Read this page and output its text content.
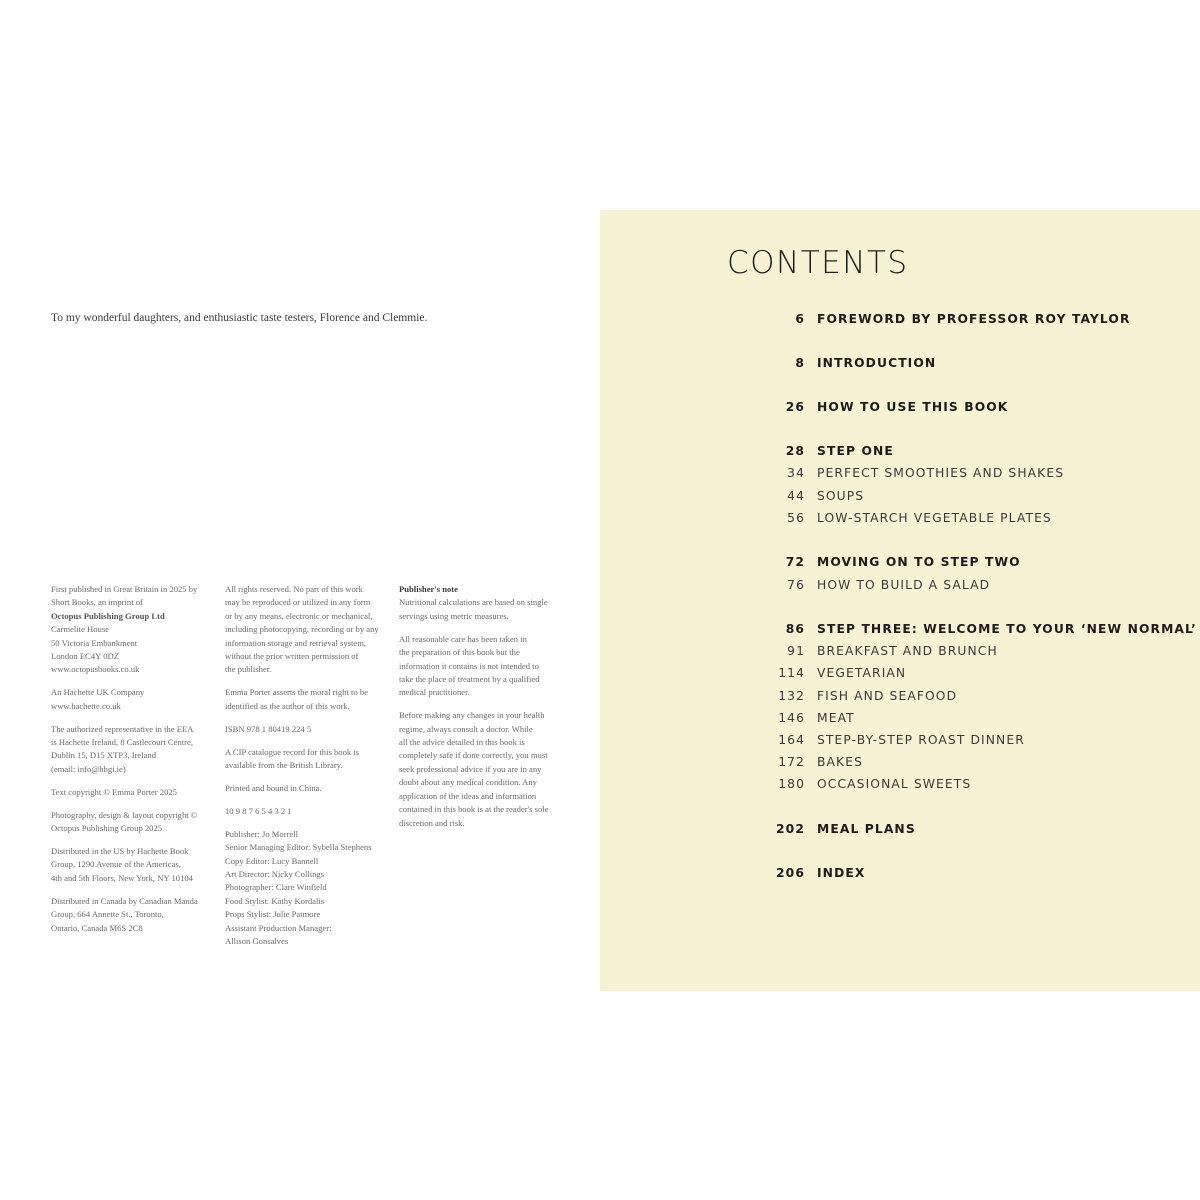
To my wonderful daughters, and enthusiastic taste testers, Florence and Clemmie.

First published in Great Britain in 2025 by
Short Books, an imprint of
Octopus Publishing Group Ltd
Carmelite House
50 Victoria Embankment
London EC4Y 0DZ
www.octopusbooks.co.uk

An Hachette UK Company
www.hachette.co.uk

The authorized representative in the EEA
is Hachette Ireland, 8 Castlecourt Centre,
Dublin 15, D15 XTP3, Ireland
(email: info@hbgi.ie)

Text copyright © Emma Porter 2025

Photography, design & layout copyright ©
Octopus Publishing Group 2025

Distributed in the US by Hachette Book
Group, 1290 Avenue of the Americas,
4th and 5th Floors, New York, NY 10104

Distributed in Canada by Canadian Manda
Group, 664 Annette St., Toronto,
Ontario, Canada M6S 2C8

All rights reserved. No part of this work
may be reproduced or utilized in any form
or by any means, electronic or mechanical,
including photocopying, recording or by any
information storage and retrieval system,
without the prior written permission of
the publisher.

Emma Porter asserts the moral right to be
identified as the author of this work.

ISBN 978 1 80419 224 5

A CIP catalogue record for this book is
available from the British Library.

Printed and bound in China.

10 9 8 7 6 5 4 3 2 1

Publisher: Jo Morrell
Senior Managing Editor: Sybella Stephens
Copy Editor: Lucy Bannell
Art Director: Nicky Collings
Photographer: Clare Winfield
Food Stylist: Kathy Kordalis
Props Stylist: Julie Patmore
Assistant Production Manager:
Allison Gonsalves

Publisher's note

Nutritional calculations are based on single
servings using metric measures.

All reasonable care has been taken in
the preparation of this book but the
information it contains is not intended to
take the place of treatment by a qualified
medical practitioner.

Before making any changes in your health
regime, always consult a doctor. While
all the advice detailed in this book is
completely safe if done correctly, you must
seek professional advice if you are in any
doubt about any medical condition. Any
application of the ideas and information
contained in this book is at the reader's sole
discretion and risk.

CONTENTS
6 FOREWORD BY PROFESSOR ROY TAYLOR
8 INTRODUCTION
26 HOW TO USE THIS BOOK
28 STEP ONE
34 PERFECT SMOOTHIES AND SHAKES
44 SOUPS
56 LOW-STARCH VEGETABLE PLATES
72 MOVING ON TO STEP TWO
76 HOW TO BUILD A SALAD
86 STEP THREE: WELCOME TO YOUR ‘NEW NORMAL’
91 BREAKFAST AND BRUNCH
114 VEGETARIAN
132 FISH AND SEAFOOD
146 MEAT
164 STEP-BY-STEP ROAST DINNER
172 BAKES
180 OCCASIONAL SWEETS
202 MEAL PLANS
206 INDEX
